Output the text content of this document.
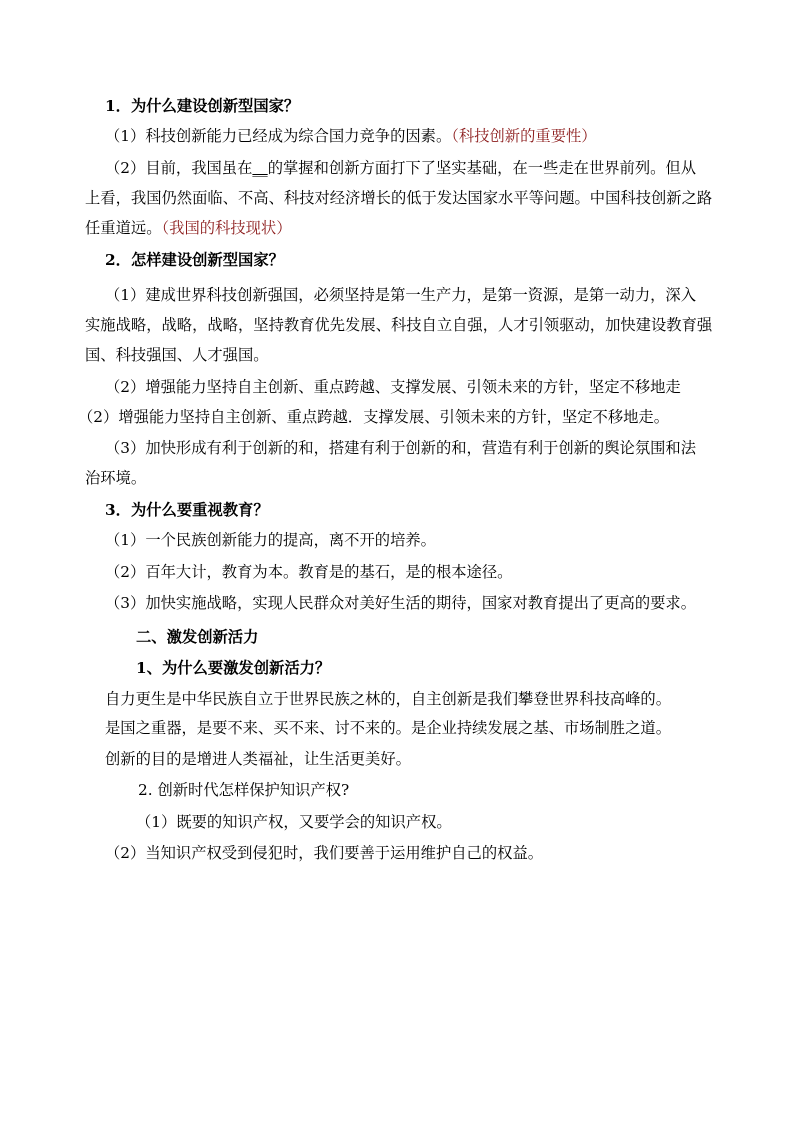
1．为什么建设创新型国家？
（1）科技创新能力已经成为综合国力竞争的因素。（科技创新的重要性）
（2）目前，我国虽在__的掌握和创新方面打下了坚实基础，在一些走在世界前列。但从
上看，我国仍然面临、不高、科技对经济增长的低于发达国家水平等问题。中国科技创新之路
任重道远。（我国的科技现状）
2．怎样建设创新型国家？
（1）建成世界科技创新强国，必须坚持是第一生产力，是第一资源，是第一动力，深入
实施战略，战略，战略，坚持教育优先发展、科技自立自强，人才引领驱动，加快建设教育强
国、科技强国、人才强国。
（2）增强能力坚持自主创新、重点跨越、支撑发展、引领未来的方针，坚定不移地走
（2）增强能力坚持自主创新、重点跨越．支撑发展、引领未来的方针，坚定不移地走。
（3）加快形成有利于创新的和，搭建有利于创新的和，营造有利于创新的舆论氛围和法
治环境。
3．为什么要重视教育？
（1）一个民族创新能力的提高，离不开的培养。
（2）百年大计，教育为本。教育是的基石，是的根本途径。
（3）加快实施战略，实现人民群众对美好生活的期待，国家对教育提出了更高的要求。
二、激发创新活力
1、为什么要激发创新活力？
自力更生是中华民族自立于世界民族之林的，自主创新是我们攀登世界科技高峰的。
是国之重器，是要不来、买不来、讨不来的。是企业持续发展之基、市场制胜之道。
创新的目的是增进人类福祉，让生活更美好。
2. 创新时代怎样保护知识产权?
（1）既要的知识产权，又要学会的知识产权。
（2）当知识产权受到侵犯时，我们要善于运用维护自己的权益。
